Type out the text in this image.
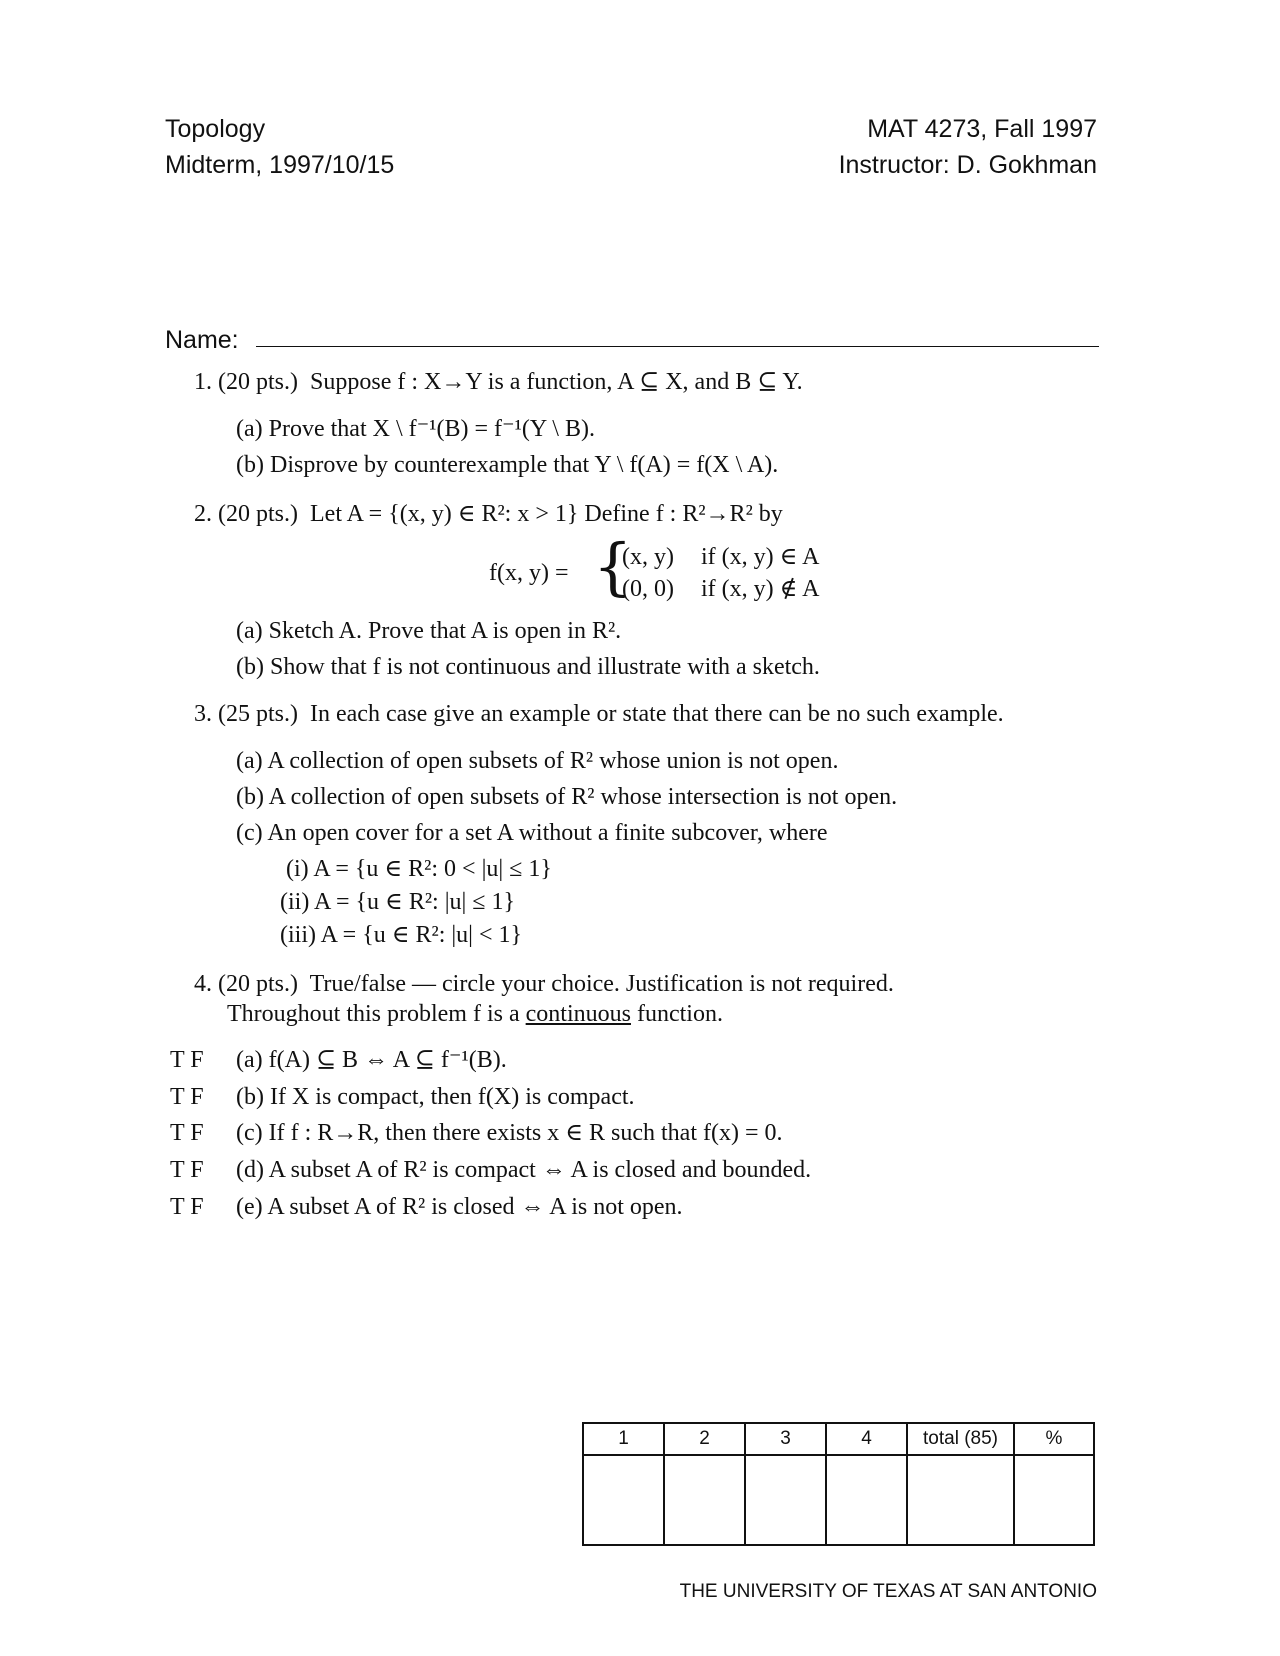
Topology
Midterm, 1997/10/15
MAT 4273, Fall 1997
Instructor: D. Gokhman
Name:
1. (20 pts.) Suppose f : X→Y is a function, A ⊆ X, and B ⊆ Y.
(a) Prove that X \ f⁻¹(B) = f⁻¹(Y \ B).
(b) Disprove by counterexample that Y \ f(A) = f(X \ A).
2. (20 pts.) Let A = {(x, y) ∈ R²: x > 1} Define f : R²→R² by
f(x, y) = {
(x, y) if (x, y) ∈ A
(0, 0) if (x, y) ∉ A
(a) Sketch A. Prove that A is open in R².
(b) Show that f is not continuous and illustrate with a sketch.
3. (25 pts.) In each case give an example or state that there can be no such example.
(a) A collection of open subsets of R² whose union is not open.
(b) A collection of open subsets of R² whose intersection is not open.
(c) An open cover for a set A without a finite subcover, where
(i) A = {u ∈ R²: 0 < |u| ≤ 1}
(ii) A = {u ∈ R²: |u| ≤ 1}
(iii) A = {u ∈ R²: |u| < 1}
4. (20 pts.) True/false — circle your choice. Justification is not required.
Throughout this problem f is a continuous function.
T F (a) f(A) ⊆ B ⇔ A ⊆ f⁻¹(B).
T F (b) If X is compact, then f(X) is compact.
T F (c) If f : R→R, then there exists x ∈ R such that f(x) = 0.
T F (d) A subset A of R² is compact ⇔ A is closed and bounded.
T F (e) A subset A of R² is closed ⇔ A is not open.
1	2	3	4	total (85)	%

THE UNIVERSITY OF TEXAS AT SAN ANTONIO
